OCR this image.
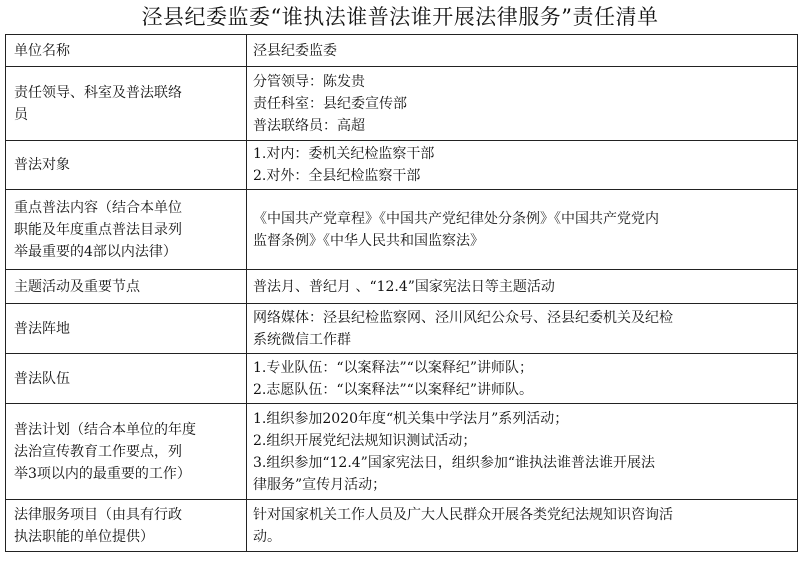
泾县纪委监委“谁执法谁普法谁开展法律服务”责任清单
单位名称	泾县纪委监委

责任领导、科室及普法联络
员	分管领导：陈发贵
责任科室：县纪委宣传部
普法联络员：高超

普法对象	1.对内：委机关纪检监察干部
2.对外：全县纪检监察干部

重点普法内容（结合本单位
职能及年度重点普法目录列
举最重要的4部以内法律）	《中国共产党章程》《中国共产党纪律处分条例》《中国共产党党内
监督条例》《中华人民共和国监察法》

主题活动及重要节点	普法月、普纪月 、“12.4”国家宪法日等主题活动

普法阵地	网络媒体：泾县纪检监察网、泾川风纪公众号、泾县纪委机关及纪检
系统微信工作群

普法队伍	1.专业队伍：“以案释法”“以案释纪”讲师队；
2.志愿队伍：“以案释法”“以案释纪”讲师队。

普法计划（结合本单位的年度
法治宣传教育工作要点，列
举3项以内的最重要的工作）	1.组织参加2020年度“机关集中学法月”系列活动；
2.组织开展党纪法规知识测试活动；
3.组织参加“12.4”国家宪法日，组织参加“谁执法谁普法谁开展法
律服务”宣传月活动；

法律服务项目（由具有行政
执法职能的单位提供）	针对国家机关工作人员及广大人民群众开展各类党纪法规知识咨询活
动。
